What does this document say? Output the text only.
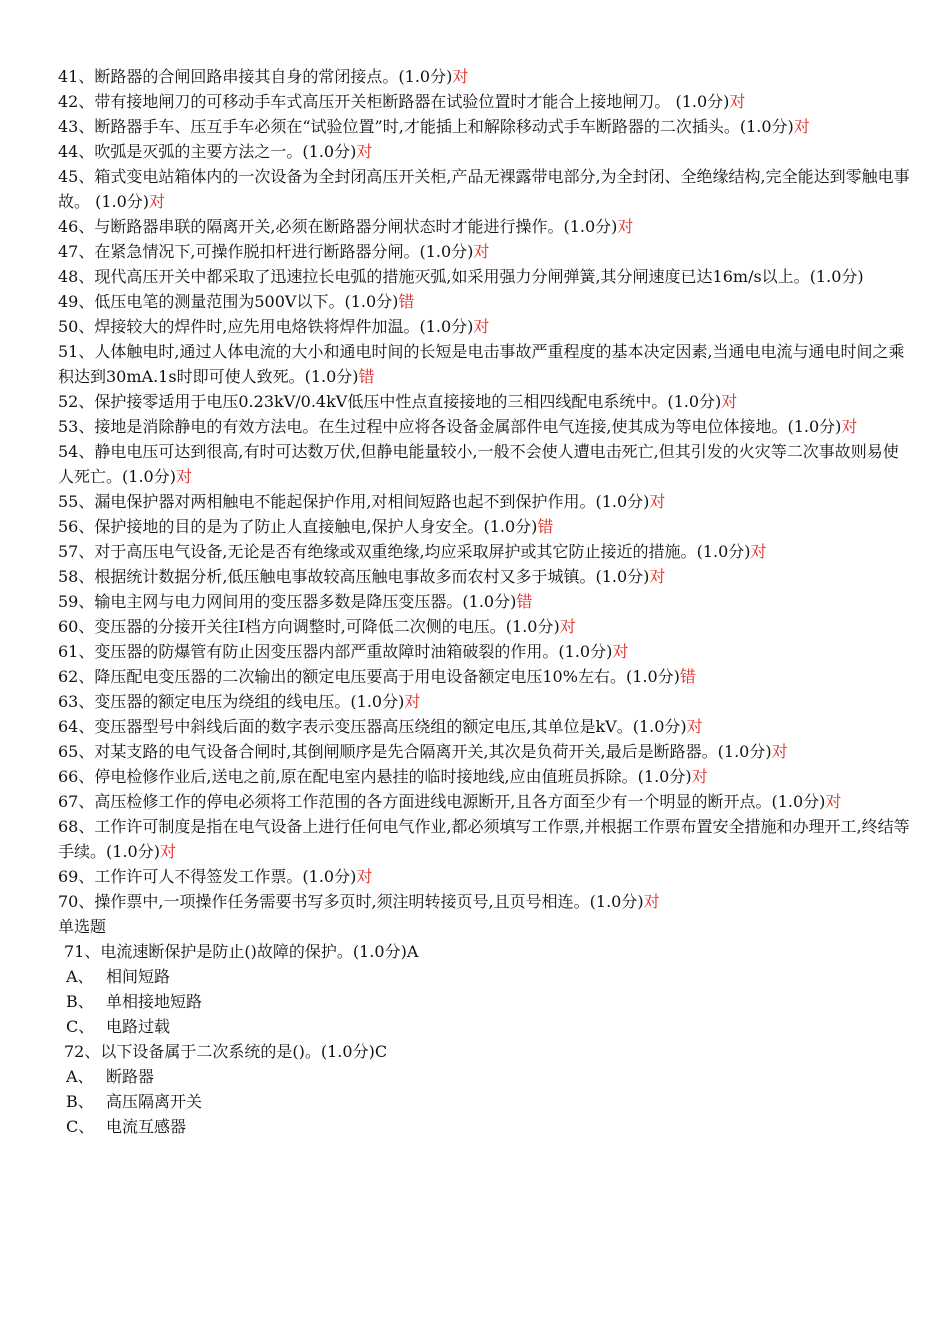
41、断路器的合闸回路串接其自身的常闭接点。(1.0分)对

42、带有接地闸刀的可移动手车式高压开关柜断路器在试验位置时才能合上接地闸刀。 (1.0分)对

43、断路器手车、压互手车必须在“试验位置”时,才能插上和解除移动式手车断路器的二次插头。(1.0分)对

44、吹弧是灭弧的主要方法之一。(1.0分)对

45、箱式变电站箱体内的一次设备为全封闭高压开关柜,产品无裸露带电部分,为全封闭、全绝缘结构,完全能达到零触电事故。 (1.0分)对

46、与断路器串联的隔离开关,必须在断路器分闸状态时才能进行操作。(1.0分)对

47、在紧急情况下,可操作脱扣杆进行断路器分闸。(1.0分)对

48、现代高压开关中都采取了迅速拉长电弧的措施灭弧,如采用强力分闸弹簧,其分闸速度已达16m/s以上。(1.0分)

49、低压电笔的测量范围为500V以下。(1.0分)错

50、焊接较大的焊件时,应先用电烙铁将焊件加温。(1.0分)对

51、人体触电时,通过人体电流的大小和通电时间的长短是电击事故严重程度的基本决定因素,当通电电流与通电时间之乘积达到30mA.1s时即可使人致死。(1.0分)错

52、保护接零适用于电压0.23kV/0.4kV低压中性点直接接地的三相四线配电系统中。(1.0分)对

53、接地是消除静电的有效方法电。在生过程中应将各设备金属部件电气连接,使其成为等电位体接地。(1.0分)对

54、静电电压可达到很高,有时可达数万伏,但静电能量较小,一般不会使人遭电击死亡,但其引发的火灾等二次事故则易使人死亡。(1.0分)对

55、漏电保护器对两相触电不能起保护作用,对相间短路也起不到保护作用。(1.0分)对

56、保护接地的目的是为了防止人直接触电,保护人身安全。(1.0分)错

57、对于高压电气设备,无论是否有绝缘或双重绝缘,均应采取屏护或其它防止接近的措施。(1.0分)对

58、根据统计数据分析,低压触电事故较高压触电事故多而农村又多于城镇。(1.0分)对

59、输电主网与电力网间用的变压器多数是降压变压器。(1.0分)错

60、变压器的分接开关往Ⅰ档方向调整时,可降低二次侧的电压。(1.0分)对

61、变压器的防爆管有防止因变压器内部严重故障时油箱破裂的作用。(1.0分)对

62、降压配电变压器的二次输出的额定电压要高于用电设备额定电压10%左右。(1.0分)错

63、变压器的额定电压为绕组的线电压。(1.0分)对

64、变压器型号中斜线后面的数字表示变压器高压绕组的额定电压,其单位是kV。(1.0分)对

65、对某支路的电气设备合闸时,其倒闸顺序是先合隔离开关,其次是负荷开关,最后是断路器。(1.0分)对

66、停电检修作业后,送电之前,原在配电室内悬挂的临时接地线,应由值班员拆除。(1.0分)对

67、高压检修工作的停电必须将工作范围的各方面进线电源断开,且各方面至少有一个明显的断开点。(1.0分)对

68、工作许可制度是指在电气设备上进行任何电气作业,都必须填写工作票,并根据工作票布置安全措施和办理开工,终结等手续。(1.0分)对

69、工作许可人不得签发工作票。(1.0分)对

70、操作票中,一项操作任务需要书写多页时,须注明转接页号,且页号相连。(1.0分)对

单选题

71、电流速断保护是防止()故障的保护。(1.0分)A

A、 相间短路
B、 单相接地短路
C、 电路过载

72、以下设备属于二次系统的是()。(1.0分)C

A、 断路器
B、 高压隔离开关
C、 电流互感器
